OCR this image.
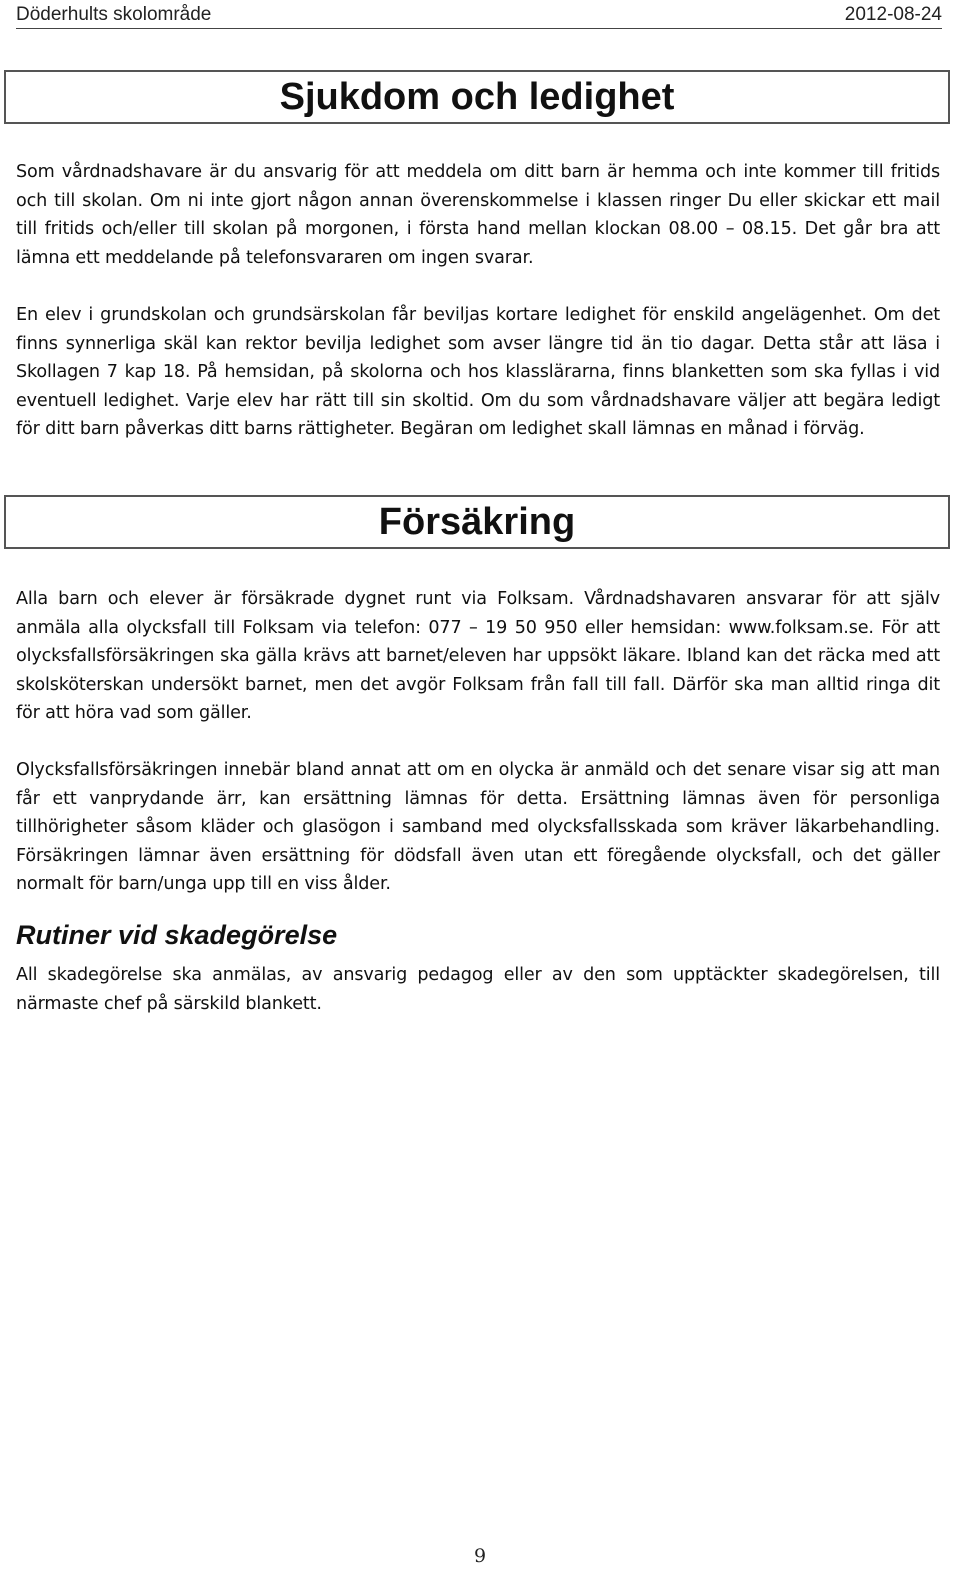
Döderhults skolområde	2012-08-24
Sjukdom och ledighet

Som vårdnadshavare är du ansvarig för att meddela om ditt barn är hemma och inte kommer till fritids och till skolan. Om ni inte gjort någon annan överenskommelse i klassen ringer Du eller skickar ett mail till fritids och/eller till skolan på morgonen, i första hand mellan klockan 08.00 – 08.15. Det går bra att lämna ett meddelande på telefonsvararen om ingen svarar.

En elev i grundskolan och grundsärskolan får beviljas kortare ledighet för enskild angelägenhet. Om det finns synnerliga skäl kan rektor bevilja ledighet som avser längre tid än tio dagar. Detta står att läsa i Skollagen 7 kap 18. På hemsidan, på skolorna och hos klasslärarna, finns blanketten som ska fyllas i vid eventuell ledighet. Varje elev har rätt till sin skoltid. Om du som vårdnadshavare väljer att begära ledigt för ditt barn påverkas ditt barns rättigheter. Begäran om ledighet skall lämnas en månad i förväg.

Försäkring

Alla barn och elever är försäkrade dygnet runt via Folksam. Vårdnadshavaren ansvarar för att själv anmäla alla olycksfall till Folksam via telefon: 077 – 19 50 950 eller hemsidan: www.folksam.se. För att olycksfallsförsäkringen ska gälla krävs att barnet/eleven har uppsökt läkare. Ibland kan det räcka med att skolsköterskan undersökt barnet, men det avgör Folksam från fall till fall. Därför ska man alltid ringa dit för att höra vad som gäller.

Olycksfallsförsäkringen innebär bland annat att om en olycka är anmäld och det senare visar sig att man får ett vanprydande ärr, kan ersättning lämnas för detta. Ersättning lämnas även för personliga tillhörigheter såsom kläder och glasögon i samband med olycksfallsskada som kräver läkarbehandling. Försäkringen lämnar även ersättning för dödsfall även utan ett föregående olycksfall, och det gäller normalt för barn/unga upp till en viss ålder.

Rutiner vid skadegörelse

All skadegörelse ska anmälas, av ansvarig pedagog eller av den som upptäckter skadegörelsen, till närmaste chef på särskild blankett.

9
